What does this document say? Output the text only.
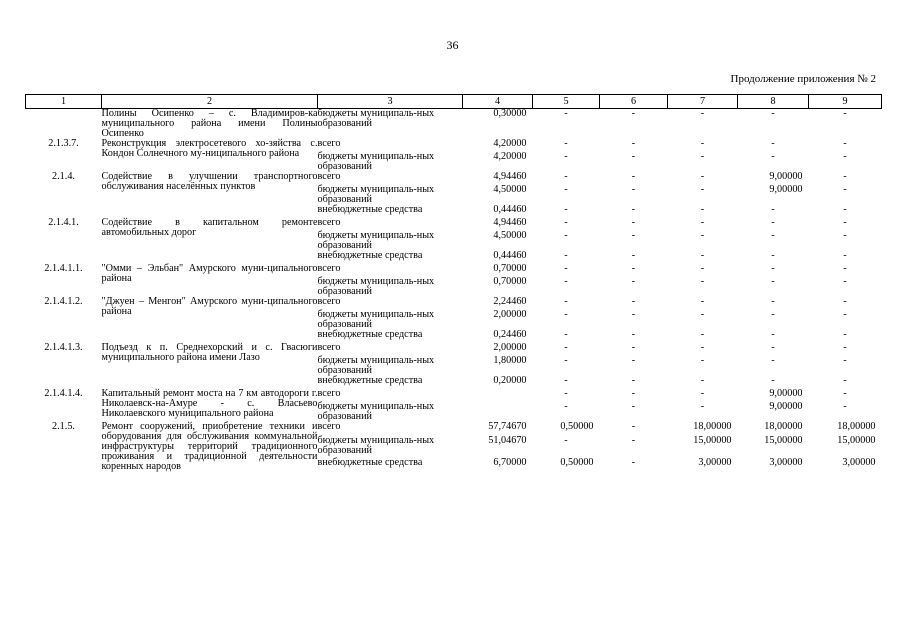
36
Продолжение приложения № 2
1	2	3	4	5	6	7	8	9
	Полины Осипенко – с. Владимиров-ка муниципального района имени Полины Осипенко	бюджеты муниципаль-ных образований	0,30000	-	-	-	-	-
2.1.3.7.	Реконструкция электросетевого хо-зяйства с. Кондон Солнечного му-ниципального района	всего	4,20000	-	-	-	-	-
		бюджеты муниципаль-ных образований	4,20000	-	-	-	-	-
2.1.4.	Содействие в улучшении транспортного обслуживания населённых пунктов	всего	4,94460	-	-	-	9,00000	-
		бюджеты муниципаль-ных образований	4,50000	-	-	-	9,00000	-
		внебюджетные средства	0,44460	-	-	-	-	-
2.1.4.1.	Содействие в капитальном ремонте автомобильных дорог	всего	4,94460	-	-	-	-	-
		бюджеты муниципаль-ных образований	4,50000	-	-	-	-	-
		внебюджетные средства	0,44460	-	-	-	-	-
2.1.4.1.1.	"Омми – Эльбан" Амурского муни-ципального района	всего	0,70000	-	-	-	-	-
		бюджеты муниципаль-ных образований	0,70000	-	-	-	-	-
2.1.4.1.2.	"Джуен – Менгон" Амурского муни-ципального района	всего	2,24460	-	-	-	-	-
		бюджеты муниципаль-ных образований	2,00000	-	-	-	-	-
		внебюджетные средства	0,24460	-	-	-	-	-
2.1.4.1.3.	Подъезд к п. Среднехорский и с. Гвасюги муниципального района имени Лазо	всего	2,00000	-	-	-	-	-
		бюджеты муниципаль-ных образований	1,80000	-	-	-	-	-
		внебюджетные средства	0,20000	-	-	-	-	-
2.1.4.1.4.	Капитальный ремонт моста на 7 км автодороги г. Николаевск-на-Амуре - с. Власьево Николаевского муниципального района	всего		-	-	-	9,00000	-
		бюджеты муниципаль-ных образований		-	-	-	9,00000	-
2.1.5.	Ремонт сооружений, приобретение техники и оборудования для обслуживания коммунальной инфраструктуры территорий традиционного проживания и традиционной деятельности коренных народов	всего	57,74670	0,50000	-	18,00000	18,00000	18,00000
		бюджеты муниципаль-ных образований	51,04670	-	-	15,00000	15,00000	15,00000
		внебюджетные средства	6,70000	0,50000	-	3,00000	3,00000	3,00000
